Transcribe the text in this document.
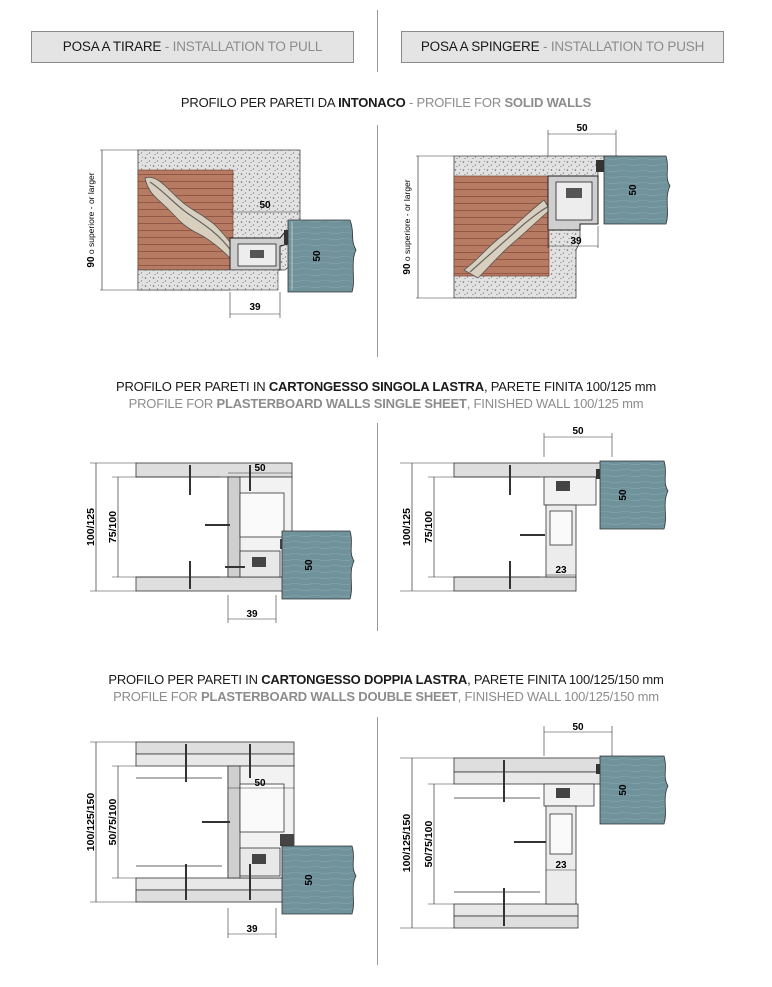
POSA A TIRARE - INSTALLATION TO PULL	POSA A SPINGERE - INSTALLATION TO PUSH
PROFILO PER PARETI DA INTONACO - PROFILE FOR SOLID WALLS
PROFILO PER PARETI IN CARTONGESSO SINGOLA LASTRA, PARETE FINITA 100/125 mm
PROFILE FOR PLASTERBOARD WALLS SINGLE SHEET, FINISHED WALL 100/125 mm
PROFILO PER PARETI IN CARTONGESSO DOPPIA LASTRA, PARETE FINITA 100/125/150 mm
PROFILE FOR PLASTERBOARD WALLS DOUBLE SHEET, FINISHED WALL 100/125/150 mm
90 o superiore - or larger	50
50
39
90 o superiore - or larger
50
50
39
100/125 75/100
50
50
39
50
50
100/125 75/100
23
50
100/125/150 50/75/100
50
39
50
50
100/125/150 50/75/100	23
